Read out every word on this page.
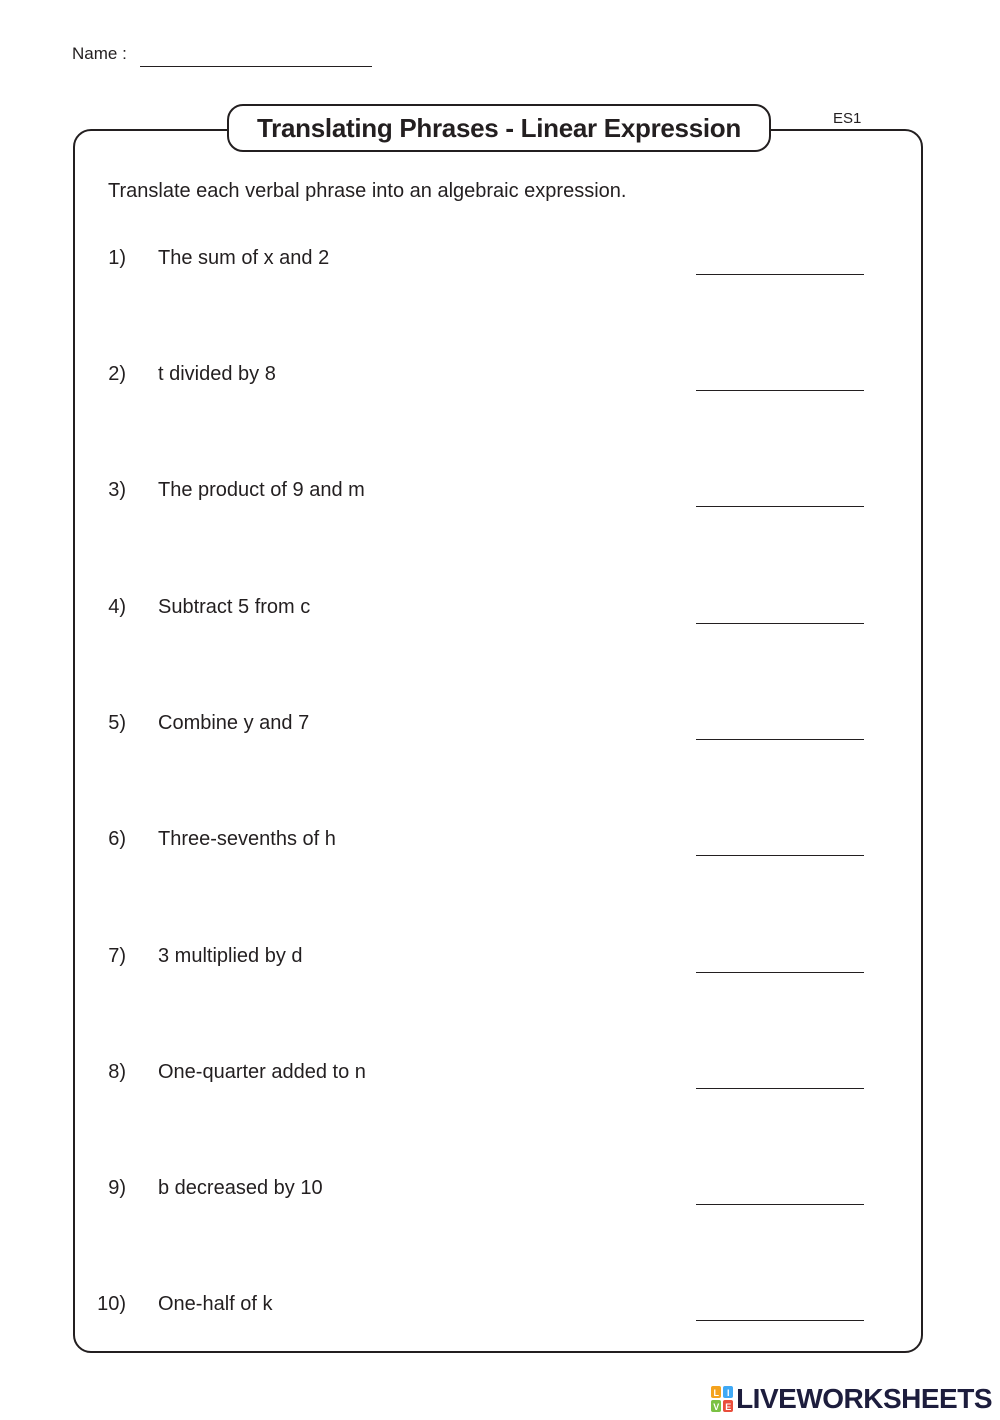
Name :
Translating Phrases - Linear Expression	ES1
Translate each verbal phrase into an algebraic expression.
1) The sum of x and 2
2) t divided by 8
3) The product of 9 and m
4) Subtract 5 from c
5) Combine y and 7
6) Three-sevenths of h
7) 3 multiplied by d
8) One-quarter added to n
9) b decreased by 10
10) One-half of k
L I
V E LIVEWORKSHEETS
